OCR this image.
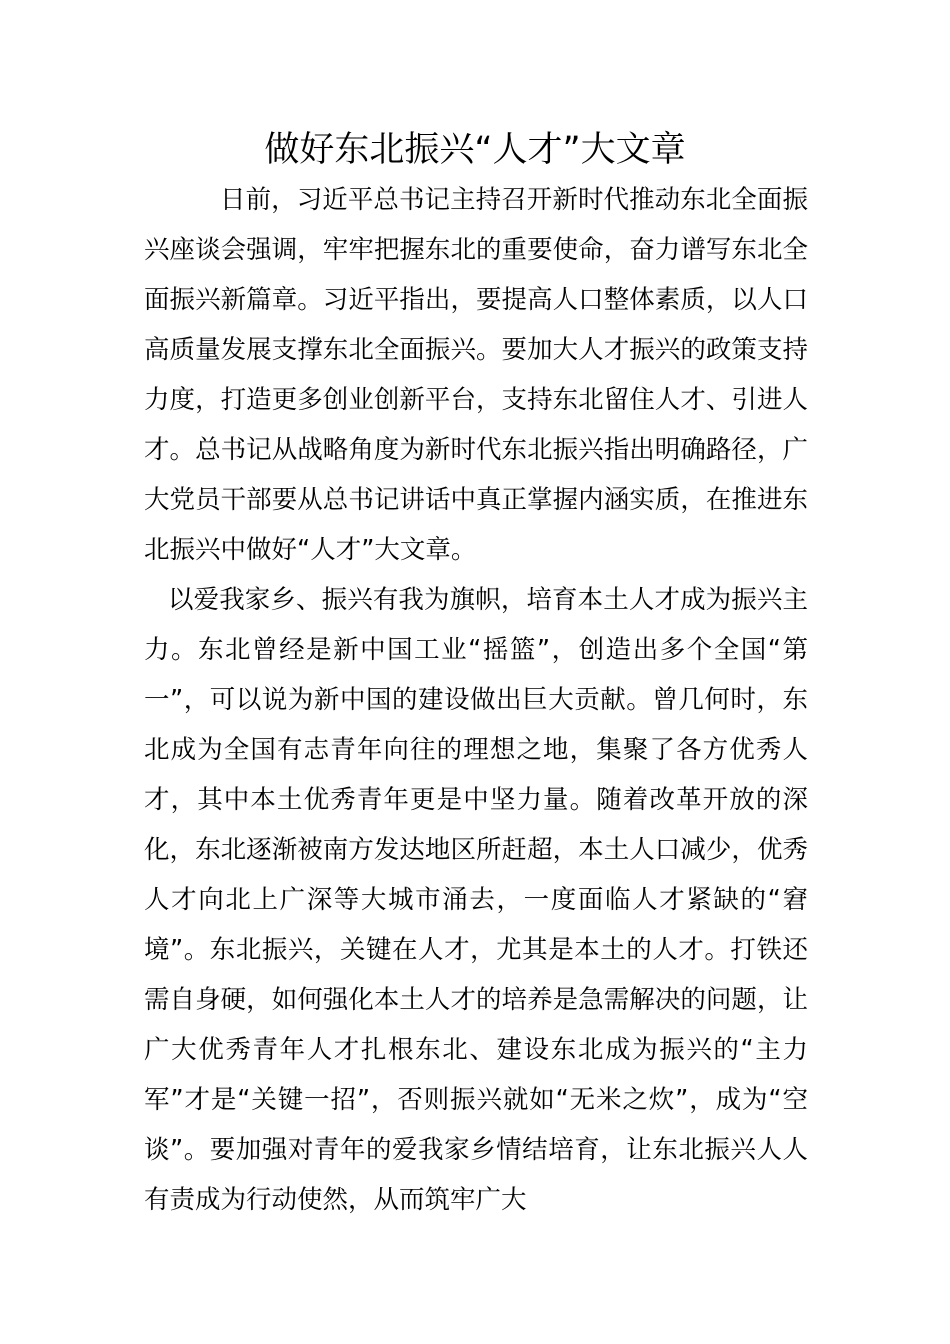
做好东北振兴“人才”大文章

日前，习近平总书记主持召开新时代推动东北全面振兴座谈会强调，牢牢把握东北的重要使命，奋力谱写东北全面振兴新篇章。习近平指出，要提高人口整体素质，以人口高质量发展支撑东北全面振兴。要加大人才振兴的政策支持力度，打造更多创业创新平台，支持东北留住人才、引进人才。总书记从战略角度为新时代东北振兴指出明确路径，广大党员干部要从总书记讲话中真正掌握内涵实质，在推进东北振兴中做好“人才”大文章。

以爱我家乡、振兴有我为旗帜，培育本土人才成为振兴主力。东北曾经是新中国工业“摇篮”，创造出多个全国“第一”，可以说为新中国的建设做出巨大贡献。曾几何时，东北成为全国有志青年向往的理想之地，集聚了各方优秀人才，其中本土优秀青年更是中坚力量。随着改革开放的深化，东北逐渐被南方发达地区所赶超，本土人口减少，优秀人才向北上广深等大城市涌去，一度面临人才紧缺的“窘境”。东北振兴，关键在人才，尤其是本土的人才。打铁还需自身硬，如何强化本土人才的培养是急需解决的问题，让广大优秀青年人才扎根东北、建设东北成为振兴的“主力军”才是“关键一招”，否则振兴就如“无米之炊”，成为“空谈”。要加强对青年的爱我家乡情结培育，让东北振兴人人有责成为行动使然，从而筑牢广大
